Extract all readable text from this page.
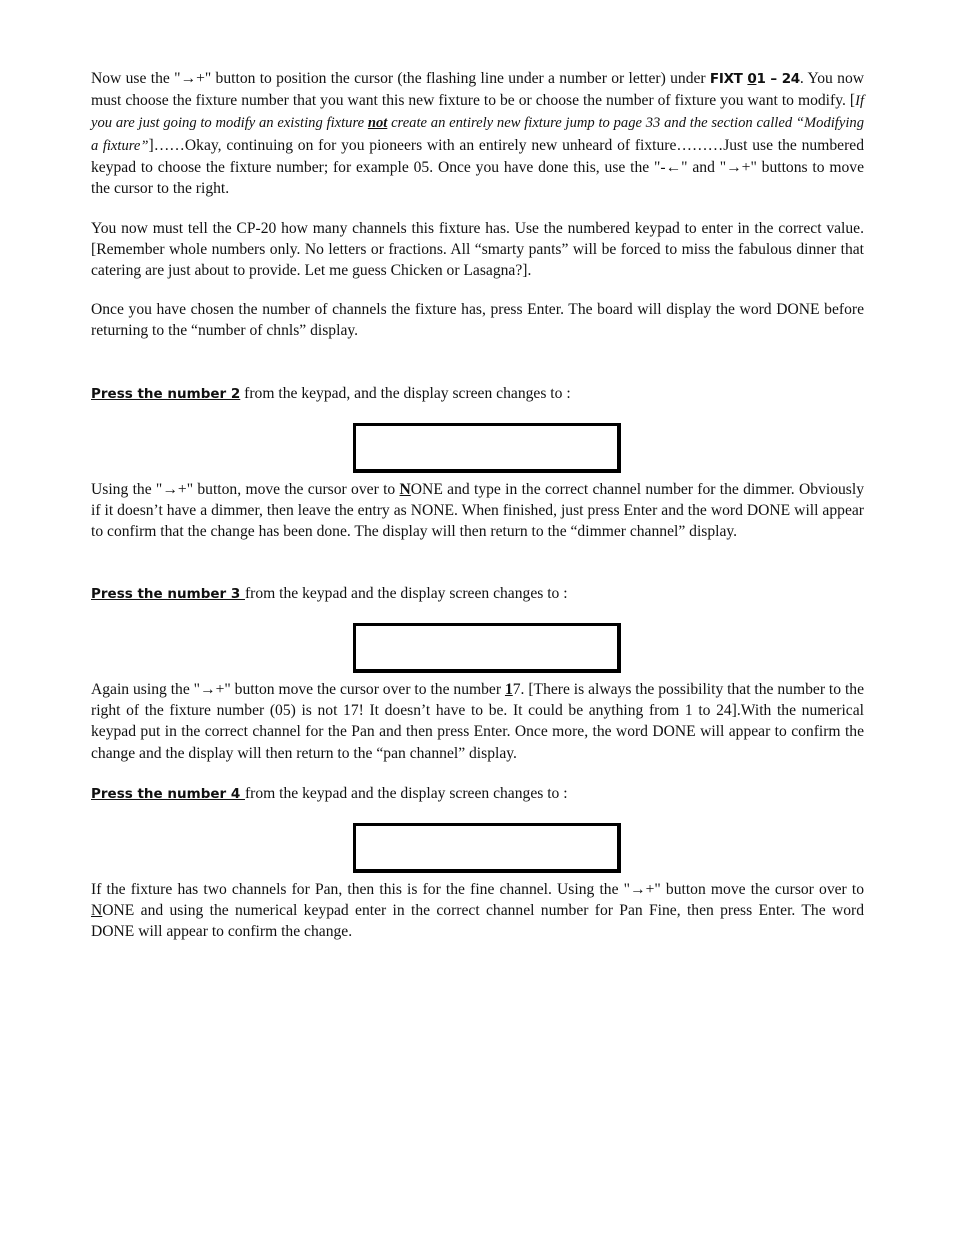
Now use the "→+" button to position the cursor (the flashing line under a number or letter) under FIXT 01 – 24. You now must choose the fixture number that you want this new fixture to be or choose the number of fixture you want to modify. [If you are just going to modify an existing fixture not create an entirely new fixture jump to page 33 and the section called “Modifying a fixture”]……Okay, continuing on for you pioneers with an entirely new unheard of fixture………Just use the numbered keypad to choose the fixture number; for example 05. Once you have done this, use the "-←" and "→+" buttons to move the cursor to the right.

You now must tell the CP-20 how many channels this fixture has. Use the numbered keypad to enter in the correct value. [Remember whole numbers only. No letters or fractions. All “smarty pants” will be forced to miss the fabulous dinner that catering are just about to provide. Let me guess Chicken or Lasagna?].

Once you have chosen the number of channels the fixture has, press Enter. The board will display the word DONE before returning to the “number of chnls” display.

Press the number 2 from the keypad, and the display screen changes to :

Using the "→+" button, move the cursor over to NONE and type in the correct channel number for the dimmer. Obviously if it doesn’t have a dimmer, then leave the entry as NONE. When finished, just press Enter and the word DONE will appear to confirm that the change has been done. The display will then return to the “dimmer channel” display.

Press the number 3 from the keypad and the display screen changes to :

Again using the "→+" button move the cursor over to the number 17. [There is always the possibility that the number to the right of the fixture number (05) is not 17! It doesn’t have to be. It could be anything from 1 to 24].With the numerical keypad put in the correct channel for the Pan and then press Enter. Once more, the word DONE will appear to confirm the change and the display will then return to the “pan channel” display.

Press the number 4 from the keypad and the display screen changes to :

If the fixture has two channels for Pan, then this is for the fine channel. Using the "→+" button move the cursor over to NONE and using the numerical keypad enter in the correct channel number for Pan Fine, then press Enter. The word DONE will appear to confirm the change.
